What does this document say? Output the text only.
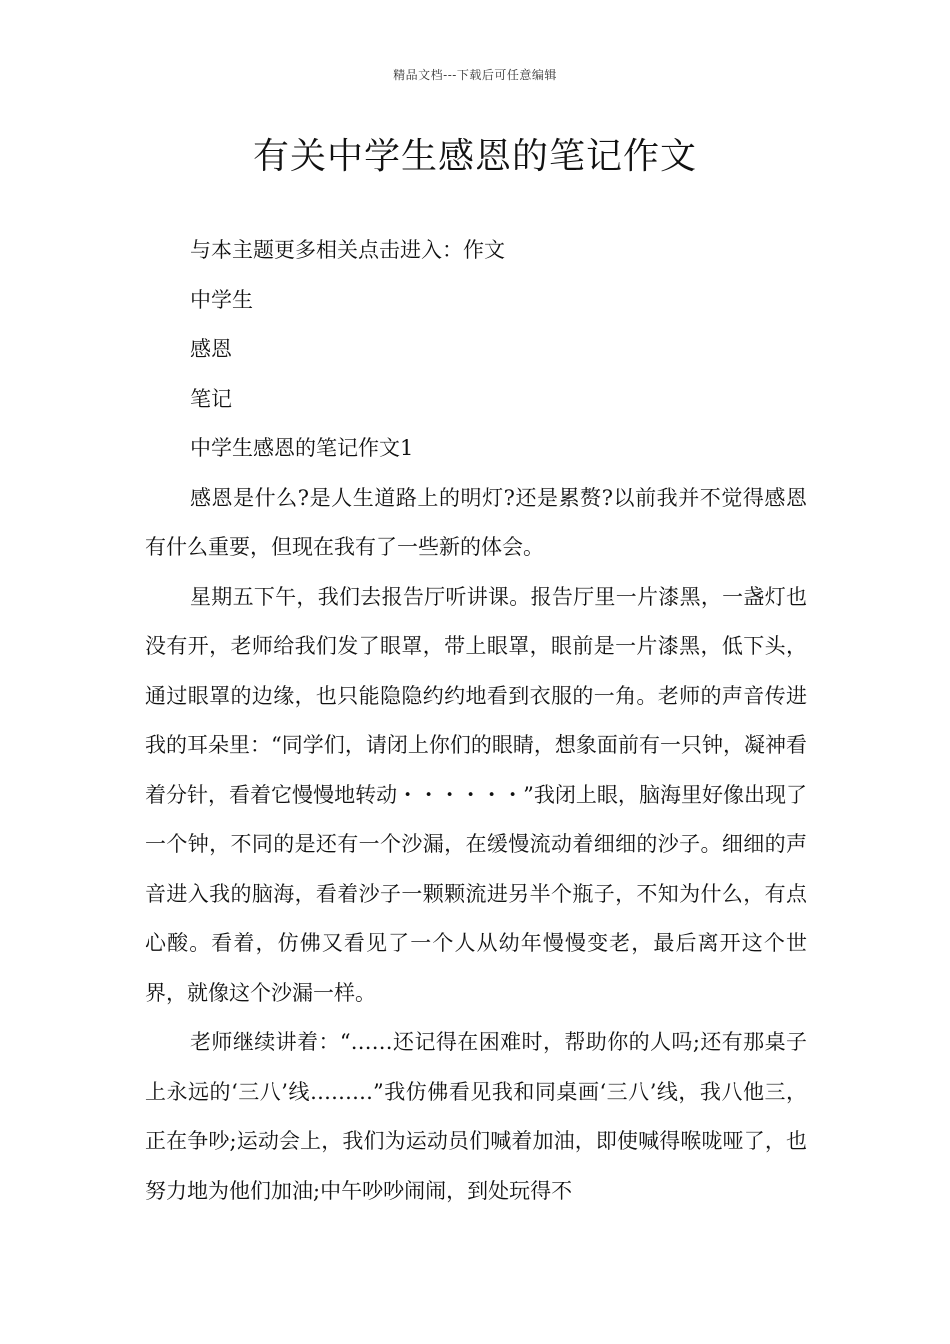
精品文档---下载后可任意编辑
有关中学生感恩的笔记作文

与本主题更多相关点击进入：作文

中学生

感恩

笔记

中学生感恩的笔记作文1

感恩是什么?是人生道路上的明灯?还是累赘?以前我并不觉得感恩有什么重要，但现在我有了一些新的体会。

星期五下午，我们去报告厅听讲课。报告厅里一片漆黑，一盏灯也没有开，老师给我们发了眼罩，带上眼罩，眼前是一片漆黑，低下头，通过眼罩的边缘，也只能隐隐约约地看到衣服的一角。老师的声音传进我的耳朵里：“同学们，请闭上你们的眼睛，想象面前有一只钟，凝神看着分针，看着它慢慢地转动・・・・・・”我闭上眼，脑海里好像出现了一个钟，不同的是还有一个沙漏，在缓慢流动着细细的沙子。细细的声音进入我的脑海，看着沙子一颗颗流进另半个瓶子，不知为什么，有点心酸。看着，仿佛又看见了一个人从幼年慢慢变老，最后离开这个世界，就像这个沙漏一样。

老师继续讲着：“……还记得在困难时，帮助你的人吗;还有那桌子上永远的‘三八’线………”我仿佛看见我和同桌画‘三八’线，我八他三，正在争吵;运动会上，我们为运动员们喊着加油，即使喊得喉咙哑了，也努力地为他们加油;中午吵吵闹闹，到处玩得不
